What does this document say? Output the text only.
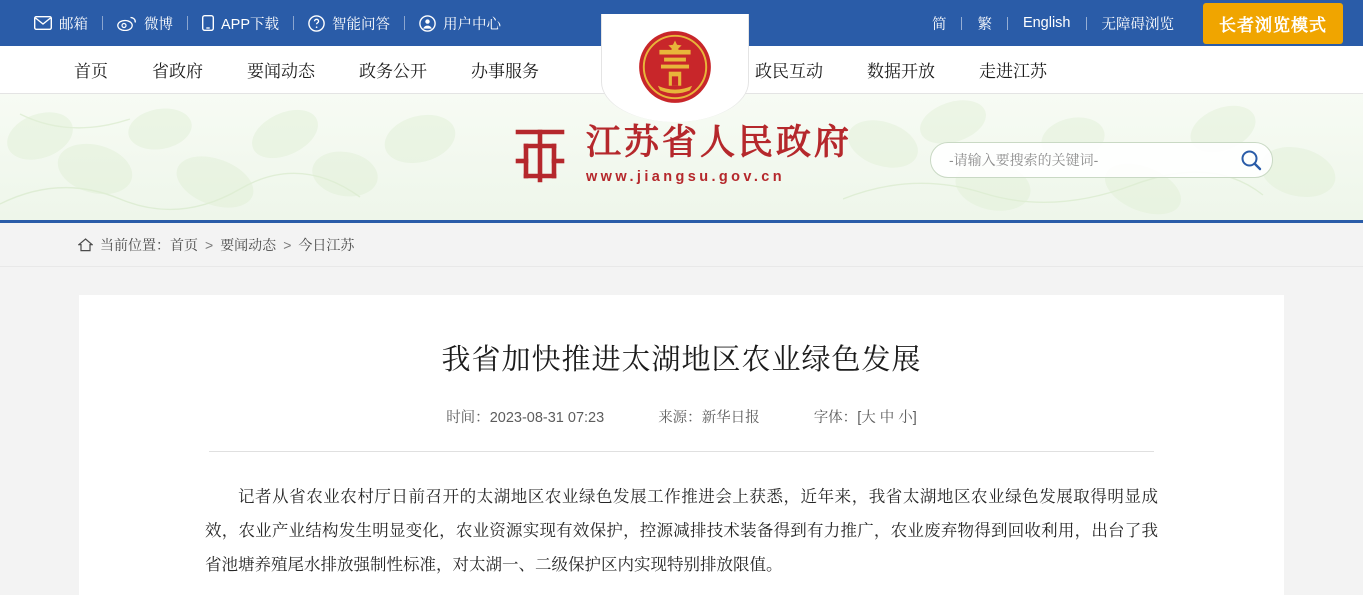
邮箱	微博	APP下载	智能问答	用户中心	简	繁	English	无障碍浏览	长者浏览模式
首页	省政府	要闻动态	政务公开	办事服务	政民互动	数据开放	走进江苏
江苏省人民政府
www.jiangsu.gov.cn
-请输入要搜索的关键词-
当前位置： 首页 > 要闻动态 > 今日江苏
我省加快推进太湖地区农业绿色发展
时间：2023-08-31 07:23	来源：新华日报	字体：[大 中 小]

记者从省农业农村厅日前召开的太湖地区农业绿色发展工作推进会上获悉，近年来，我省太湖地区农业绿色发展取得明显成效，农业产业结构发生明显变化，农业资源实现有效保护，控源减排技术装备得到有力推广，农业废弃物得到回收利用，出台了我省池塘养殖尾水排放强制性标准，对太湖一、二级保护区内实现特别排放限值。
